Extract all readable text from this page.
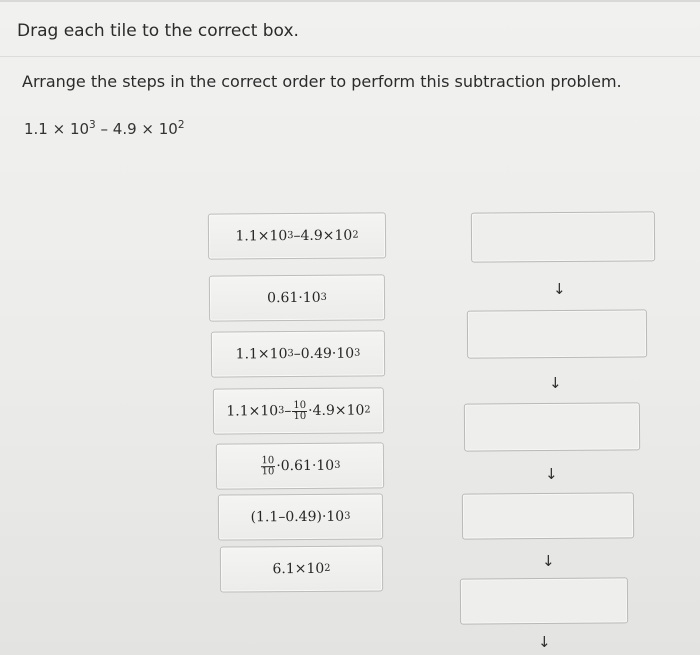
Drag each tile to the correct box.
Arrange the steps in the correct order to perform this subtraction problem.
$1.1 \times 10^3 - 4.9 \times 10^2$
1.1×10 3 –4.9×10 2
0.61·10 3
1.1×10 3 –0.49·10 3
1.1×10 $3 - \frac{10}{10} \cdot 4.9\times 10$ 2
$\frac{10}{10} \cdot 0.61\cdot 10$ 3
(1.1–0.49)·10 3
6.1×10 2
↓
↓
↓
↓
↓
